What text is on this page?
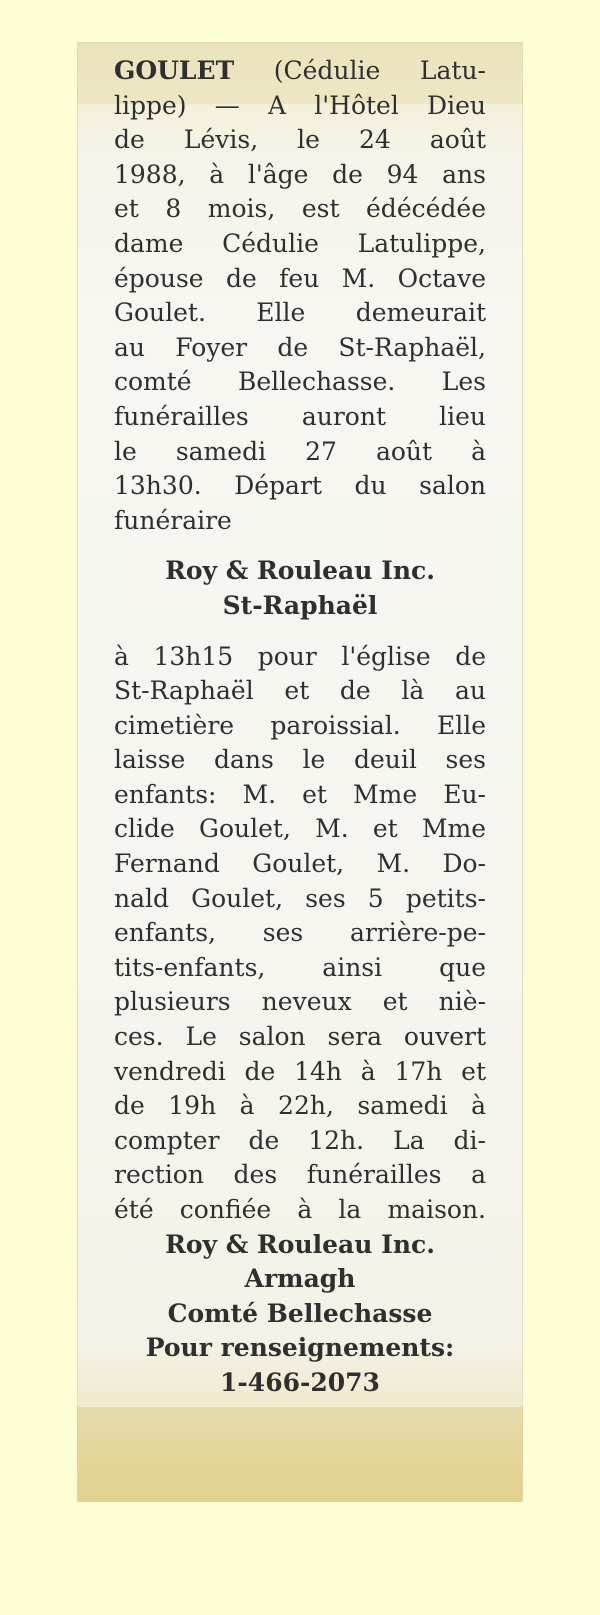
GOULET (Cédulie Latu-
lippe) — A l'Hôtel Dieu
de Lévis, le 24 août
1988, à l'âge de 94 ans
et 8 mois, est édécédée
dame Cédulie Latulippe,
épouse de feu M. Octave
Goulet. Elle demeurait
au Foyer de St-Raphaël,
comté Bellechasse. Les
funérailles auront lieu
le samedi 27 août à
13h30. Départ du salon
funéraire
Roy & Rouleau Inc.
St-Raphaël
à 13h15 pour l'église de
St-Raphaël et de là au
cimetière paroissial. Elle
laisse dans le deuil ses
enfants: M. et Mme Eu-
clide Goulet, M. et Mme
Fernand Goulet, M. Do-
nald Goulet, ses 5 petits-
enfants, ses arrière-pe-
tits-enfants, ainsi que
plusieurs neveux et niè-
ces. Le salon sera ouvert
vendredi de 14h à 17h et
de 19h à 22h, samedi à
compter de 12h. La di-
rection des funérailles a
été confiée à la maison.
Roy & Rouleau Inc.
Armagh
Comté Bellechasse
Pour renseignements:
1-466-2073
